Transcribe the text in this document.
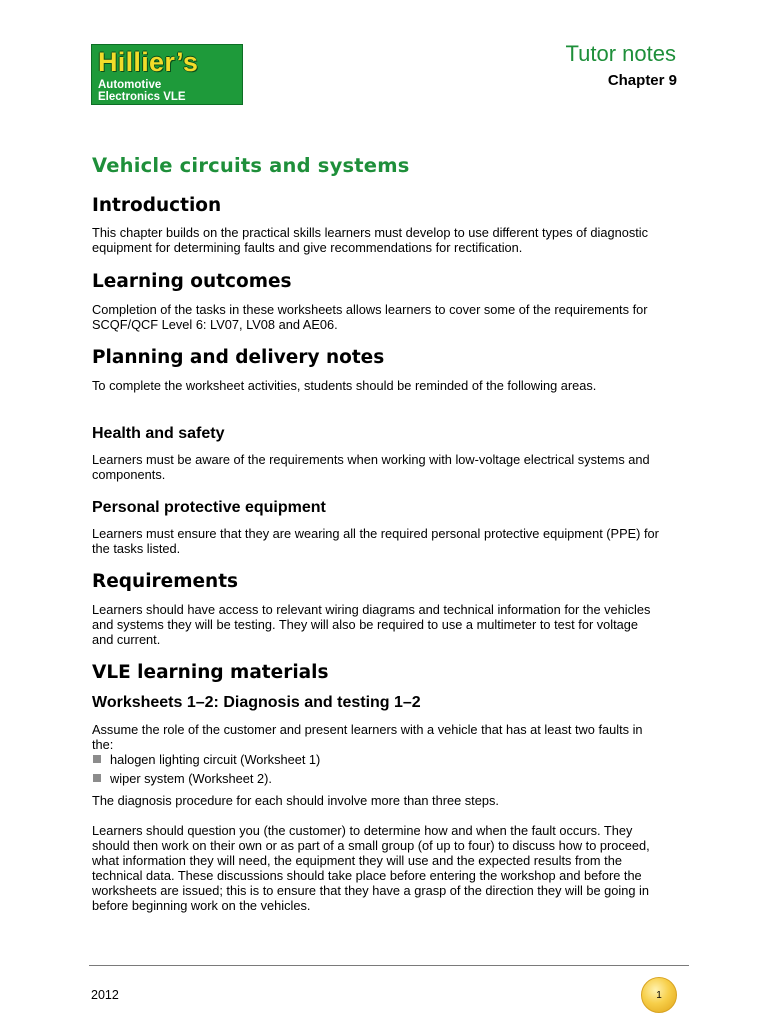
Hillier’s
Automotive
Electronics VLE
Tutor notes
Chapter 9
Vehicle circuits and systems
Introduction
This chapter builds on the practical skills learners must develop to use different types of diagnostic equipment for determining faults and give recommendations for rectification.
Learning outcomes
Completion of the tasks in these worksheets allows learners to cover some of the requirements for SCQF/QCF Level 6: LV07, LV08 and AE06.
Planning and delivery notes
To complete the worksheet activities, students should be reminded of the following areas.
Health and safety
Learners must be aware of the requirements when working with low-voltage electrical systems and components.
Personal protective equipment
Learners must ensure that they are wearing all the required personal protective equipment (PPE) for the tasks listed.
Requirements
Learners should have access to relevant wiring diagrams and technical information for the vehicles and systems they will be testing. They will also be required to use a multimeter to test for voltage and current.
VLE learning materials
Worksheets 1–2: Diagnosis and testing 1–2
Assume the role of the customer and present learners with a vehicle that has at least two faults in the:
halogen lighting circuit (Worksheet 1)
wiper system (Worksheet 2).
The diagnosis procedure for each should involve more than three steps.
Learners should question you (the customer) to determine how and when the fault occurs. They should then work on their own or as part of a small group (of up to four) to discuss how to proceed, what information they will need, the equipment they will use and the expected results from the technical data. These discussions should take place before entering the workshop and before the worksheets are issued; this is to ensure that they have a grasp of the direction they will be going in before beginning work on the vehicles.
2012	1
